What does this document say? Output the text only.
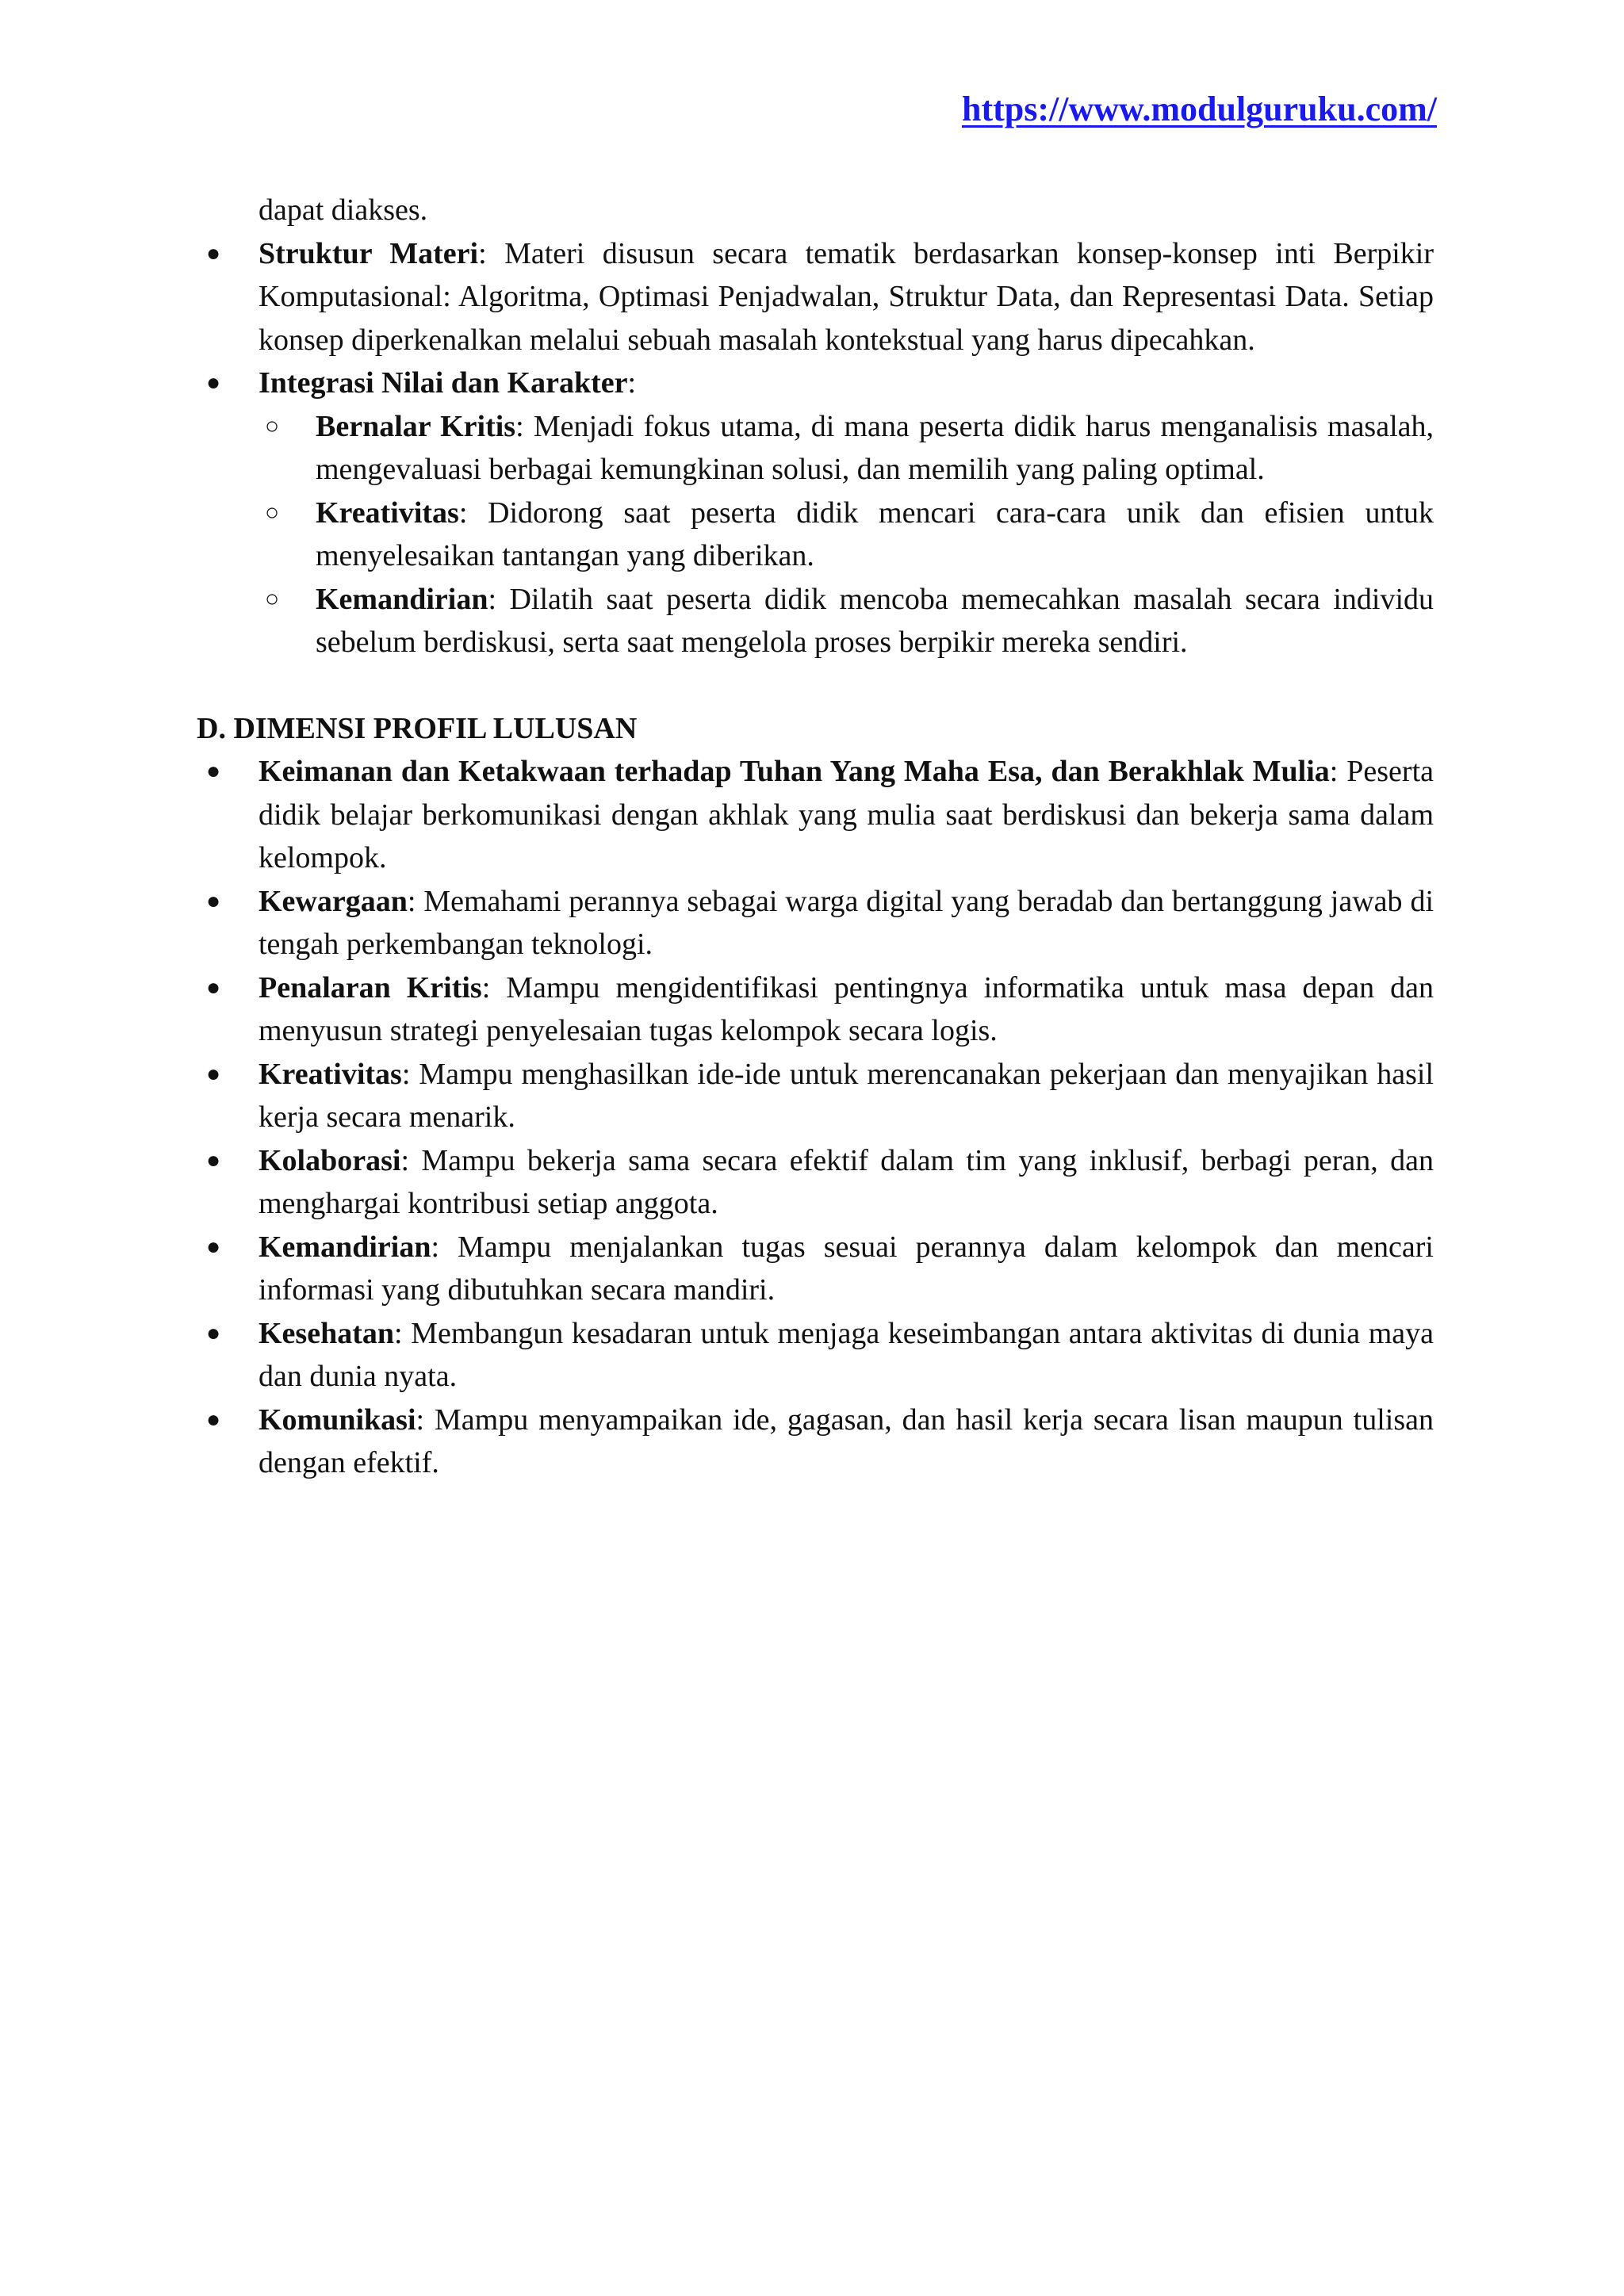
https://www.modulguruku.com/
dapat diakses.
● Struktur Materi: Materi disusun secara tematik berdasarkan konsep-konsep inti Berpikir Komputasional: Algoritma, Optimasi Penjadwalan, Struktur Data, dan Representasi Data. Setiap konsep diperkenalkan melalui sebuah masalah kontekstual yang harus dipecahkan.
● Integrasi Nilai dan Karakter:
○ Bernalar Kritis: Menjadi fokus utama, di mana peserta didik harus menganalisis masalah, mengevaluasi berbagai kemungkinan solusi, dan memilih yang paling optimal.
○ Kreativitas: Didorong saat peserta didik mencari cara-cara unik dan efisien untuk menyelesaikan tantangan yang diberikan.
○ Kemandirian: Dilatih saat peserta didik mencoba memecahkan masalah secara individu sebelum berdiskusi, serta saat mengelola proses berpikir mereka sendiri.
D. DIMENSI PROFIL LULUSAN
● Keimanan dan Ketakwaan terhadap Tuhan Yang Maha Esa, dan Berakhlak Mulia: Peserta didik belajar berkomunikasi dengan akhlak yang mulia saat berdiskusi dan bekerja sama dalam kelompok.
● Kewargaan: Memahami perannya sebagai warga digital yang beradab dan bertanggung jawab di tengah perkembangan teknologi.
● Penalaran Kritis: Mampu mengidentifikasi pentingnya informatika untuk masa depan dan menyusun strategi penyelesaian tugas kelompok secara logis.
● Kreativitas: Mampu menghasilkan ide-ide untuk merencanakan pekerjaan dan menyajikan hasil kerja secara menarik.
● Kolaborasi: Mampu bekerja sama secara efektif dalam tim yang inklusif, berbagi peran, dan menghargai kontribusi setiap anggota.
● Kemandirian: Mampu menjalankan tugas sesuai perannya dalam kelompok dan mencari informasi yang dibutuhkan secara mandiri.
● Kesehatan: Membangun kesadaran untuk menjaga keseimbangan antara aktivitas di dunia maya dan dunia nyata.
● Komunikasi: Mampu menyampaikan ide, gagasan, dan hasil kerja secara lisan maupun tulisan dengan efektif.
